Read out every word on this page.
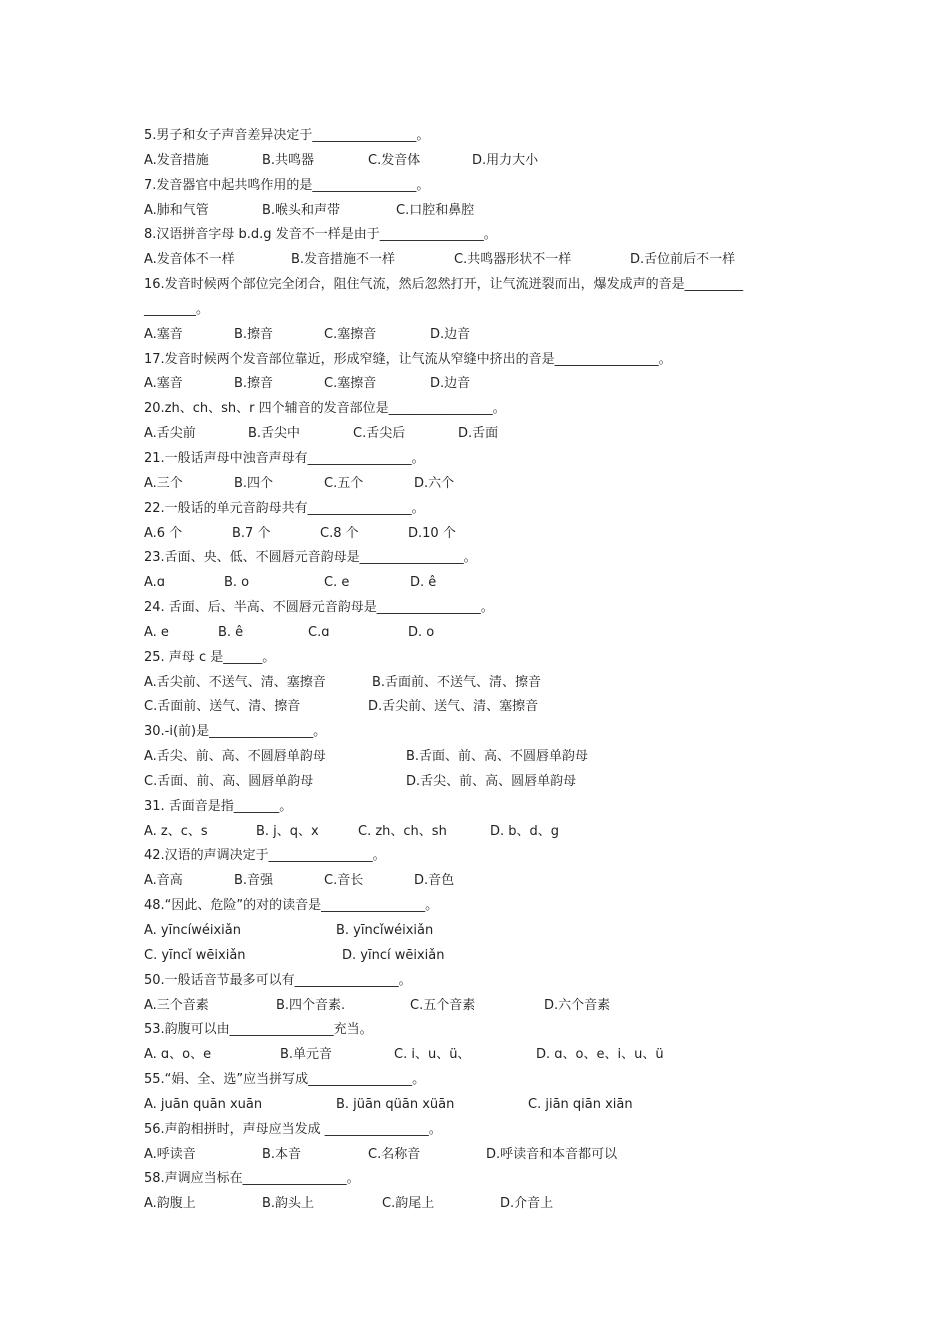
5.男子和女子声音差异决定于________________。
A.发音措施	B.共鸣器	C.发音体	D.用力大小
7.发音器官中起共鸣作用的是________________。
A.肺和气管	B.喉头和声带	C.口腔和鼻腔
8.汉语拼音字母 b.d.g 发音不一样是由于________________。
A.发音体不一样	B.发音措施不一样	C.共鸣器形状不一样	D.舌位前后不一样
16.发音时候两个部位完全闭合，阻住气流，然后忽然打开，让气流迸裂而出，爆发成声的音是_________
________。
A.塞音	B.擦音	C.塞擦音	D.边音
17.发音时候两个发音部位靠近，形成窄缝，让气流从窄缝中挤出的音是________________。
A.塞音	B.擦音	C.塞擦音	D.边音
20.zh、ch、sh、r 四个辅音的发音部位是________________。
A.舌尖前	B.舌尖中	C.舌尖后	D.舌面
21.一般话声母中浊音声母有________________。
A.三个	B.四个	C.五个	D.六个
22.一般话的单元音韵母共有________________。
A.6 个	B.7 个	C.8 个	D.10 个
23.舌面、央、低、不圆唇元音韵母是________________。
A.ɑ	B. o	C. e	D. ê
24. 舌面、后、半高、不圆唇元音韵母是________________。
A. e	B. ê	C.ɑ	D. o
25. 声母 c 是______。
A.舌尖前、不送气、清、塞擦音	B.舌面前、不送气、清、擦音
C.舌面前、送气、清、擦音	D.舌尖前、送气、清、塞擦音
30.-i(前)是________________。
A.舌尖、前、高、不圆唇单韵母	B.舌面、前、高、不圆唇单韵母
C.舌面、前、高、圆唇单韵母	D.舌尖、前、高、圆唇单韵母
31. 舌面音是指_______。
A. z、c、s	B. j、q、x	C. zh、ch、sh	D. b、d、g
42.汉语的声调决定于________________。
A.音高	B.音强	C.音长	D.音色
48.“因此、危险”的对的读音是________________。
A. yīncíwéixiǎn	B. yīncǐwéixiǎn
C. yīncǐ wēixiǎn	D. yīncí wēixiǎn
50.一般话音节最多可以有________________。
A.三个音素	B.四个音素.	C.五个音素	D.六个音素
53.韵腹可以由________________充当。
A. ɑ、o、e	B.单元音	C. i、u、ü、	D. ɑ、o、e、i、u、ü
55.“娟、全、选”应当拼写成________________。
A. juān quān xuān	B. jüān qüān xüān	C. jiān qiān xiān
56.声韵相拼时，声母应当发成 ________________。
A.呼读音	B.本音	C.名称音	D.呼读音和本音都可以
58.声调应当标在________________。
A.韵腹上	B.韵头上	C.韵尾上	D.介音上
